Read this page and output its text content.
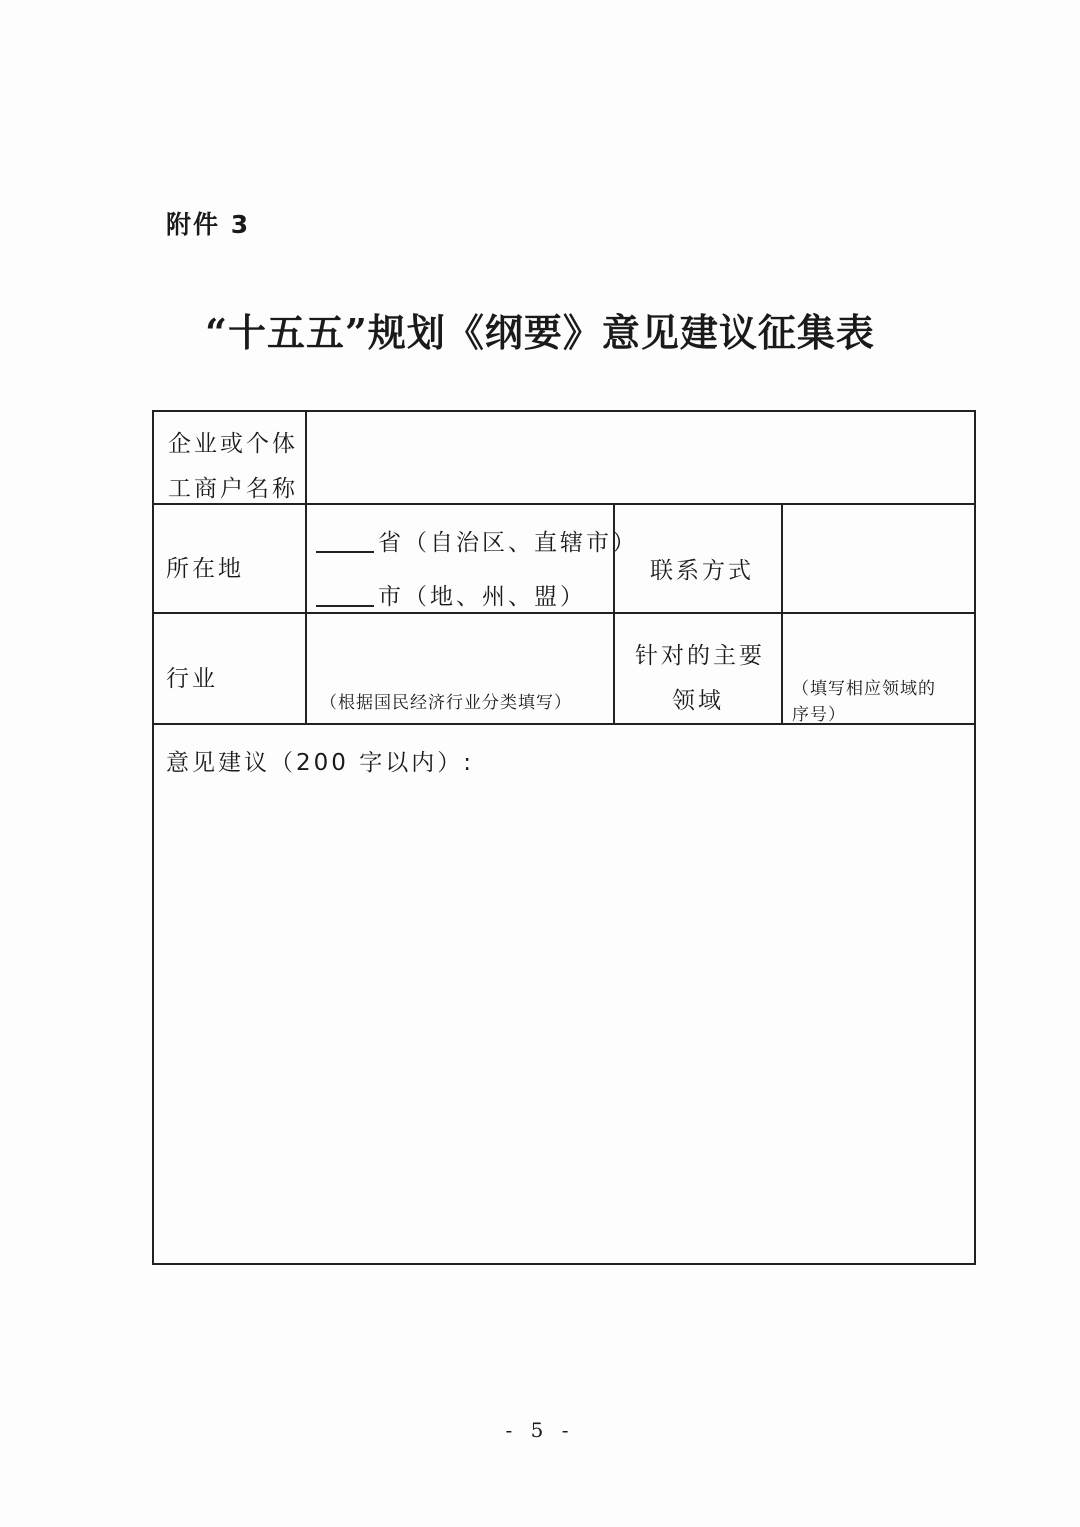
附件 3
“十五五”规划《纲要》意见建议征集表
企业或个体
工商户名称
所在地
省（自治区、直辖市）
市（地、州、盟）
联系方式
行业
（根据国民经济行业分类填写）
针对的主要
领域	（填写相应领域的
序号）
意见建议（200 字以内）:
- 5 -
